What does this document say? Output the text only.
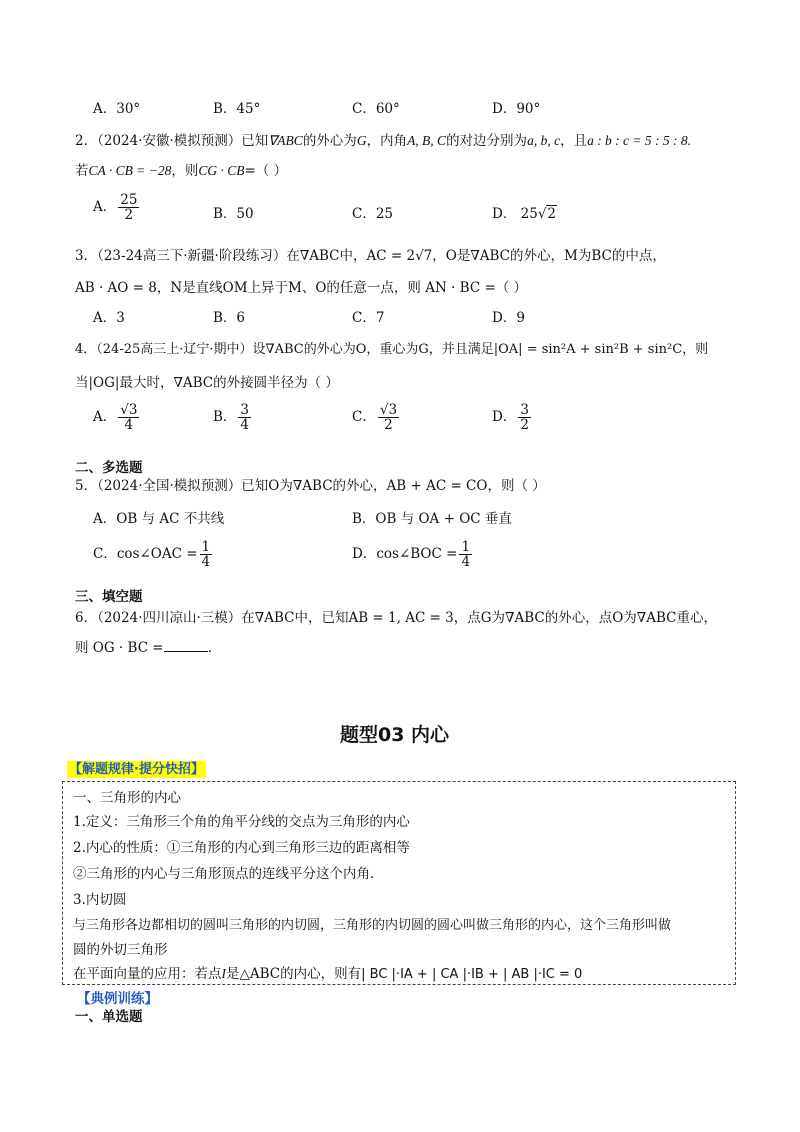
A．30°	B．45°	C．60°	D．90°
2．（2024·安徽·模拟预测）已知∇ABC的外心为G，内角A, B, C的对边分别为a, b, c，且a : b : c = 5 : 5 : 8.
若CA · CB = −28，则CG · CB=（ ）
A． $\frac{25}{2}$	B．50	C．25	D． 25√2
3．（23-24高三下·新疆·阶段练习）在∇ABC中，AC = 2√7，O是∇ABC的外心，M为BC的中点，
AB · AO = 8，N是直线OM上异于M、O的任意一点，则 AN · BC =（ ）
A．3	B．6	C．7	D．9
4．（24-25高三上·辽宁·期中）设∇ABC的外心为O，重心为G，并且满足|OA| = sin²A + sin²B + sin²C，则
当|OG|最大时，∇ABC的外接圆半径为（ ）
A． $\frac{√3}{4}$	B． $\frac{3}{4}$	C． $\frac{√3}{2}$	D． $\frac{3}{2}$
二、多选题
5．（2024·全国·模拟预测）已知O为∇ABC的外心，AB + AC = CO，则（ ）
A．OB 与 AC 不共线	B．OB 与 OA + OC 垂直
C．cos∠OAC = $\frac{1}{4}$	D．cos∠BOC = $\frac{1}{4}$
三、填空题
6．（2024·四川凉山·三模）在∇ABC中，已知AB = 1, AC = 3，点G为∇ABC的外心，点O为∇ABC重心，
则 OG · BC =	.
题型03 内心
【解题规律·提分快招】
一、三角形的内心
1.定义：三角形三个角的角平分线的交点为三角形的内心
2.内心的性质：①三角形的内心到三角形三边的距离相等
②三角形的内心与三角形顶点的连线平分这个内角.
3.内切圆
与三角形各边都相切的圆叫三角形的内切圆，三角形的内切圆的圆心叫做三角形的内心，这个三角形叫做
圆的外切三角形
在平面向量的应用：若点I是△ABC的内心，则有| BC |·IA + | CA |·IB + | AB |·IC = 0
【典例训练】
一、单选题
